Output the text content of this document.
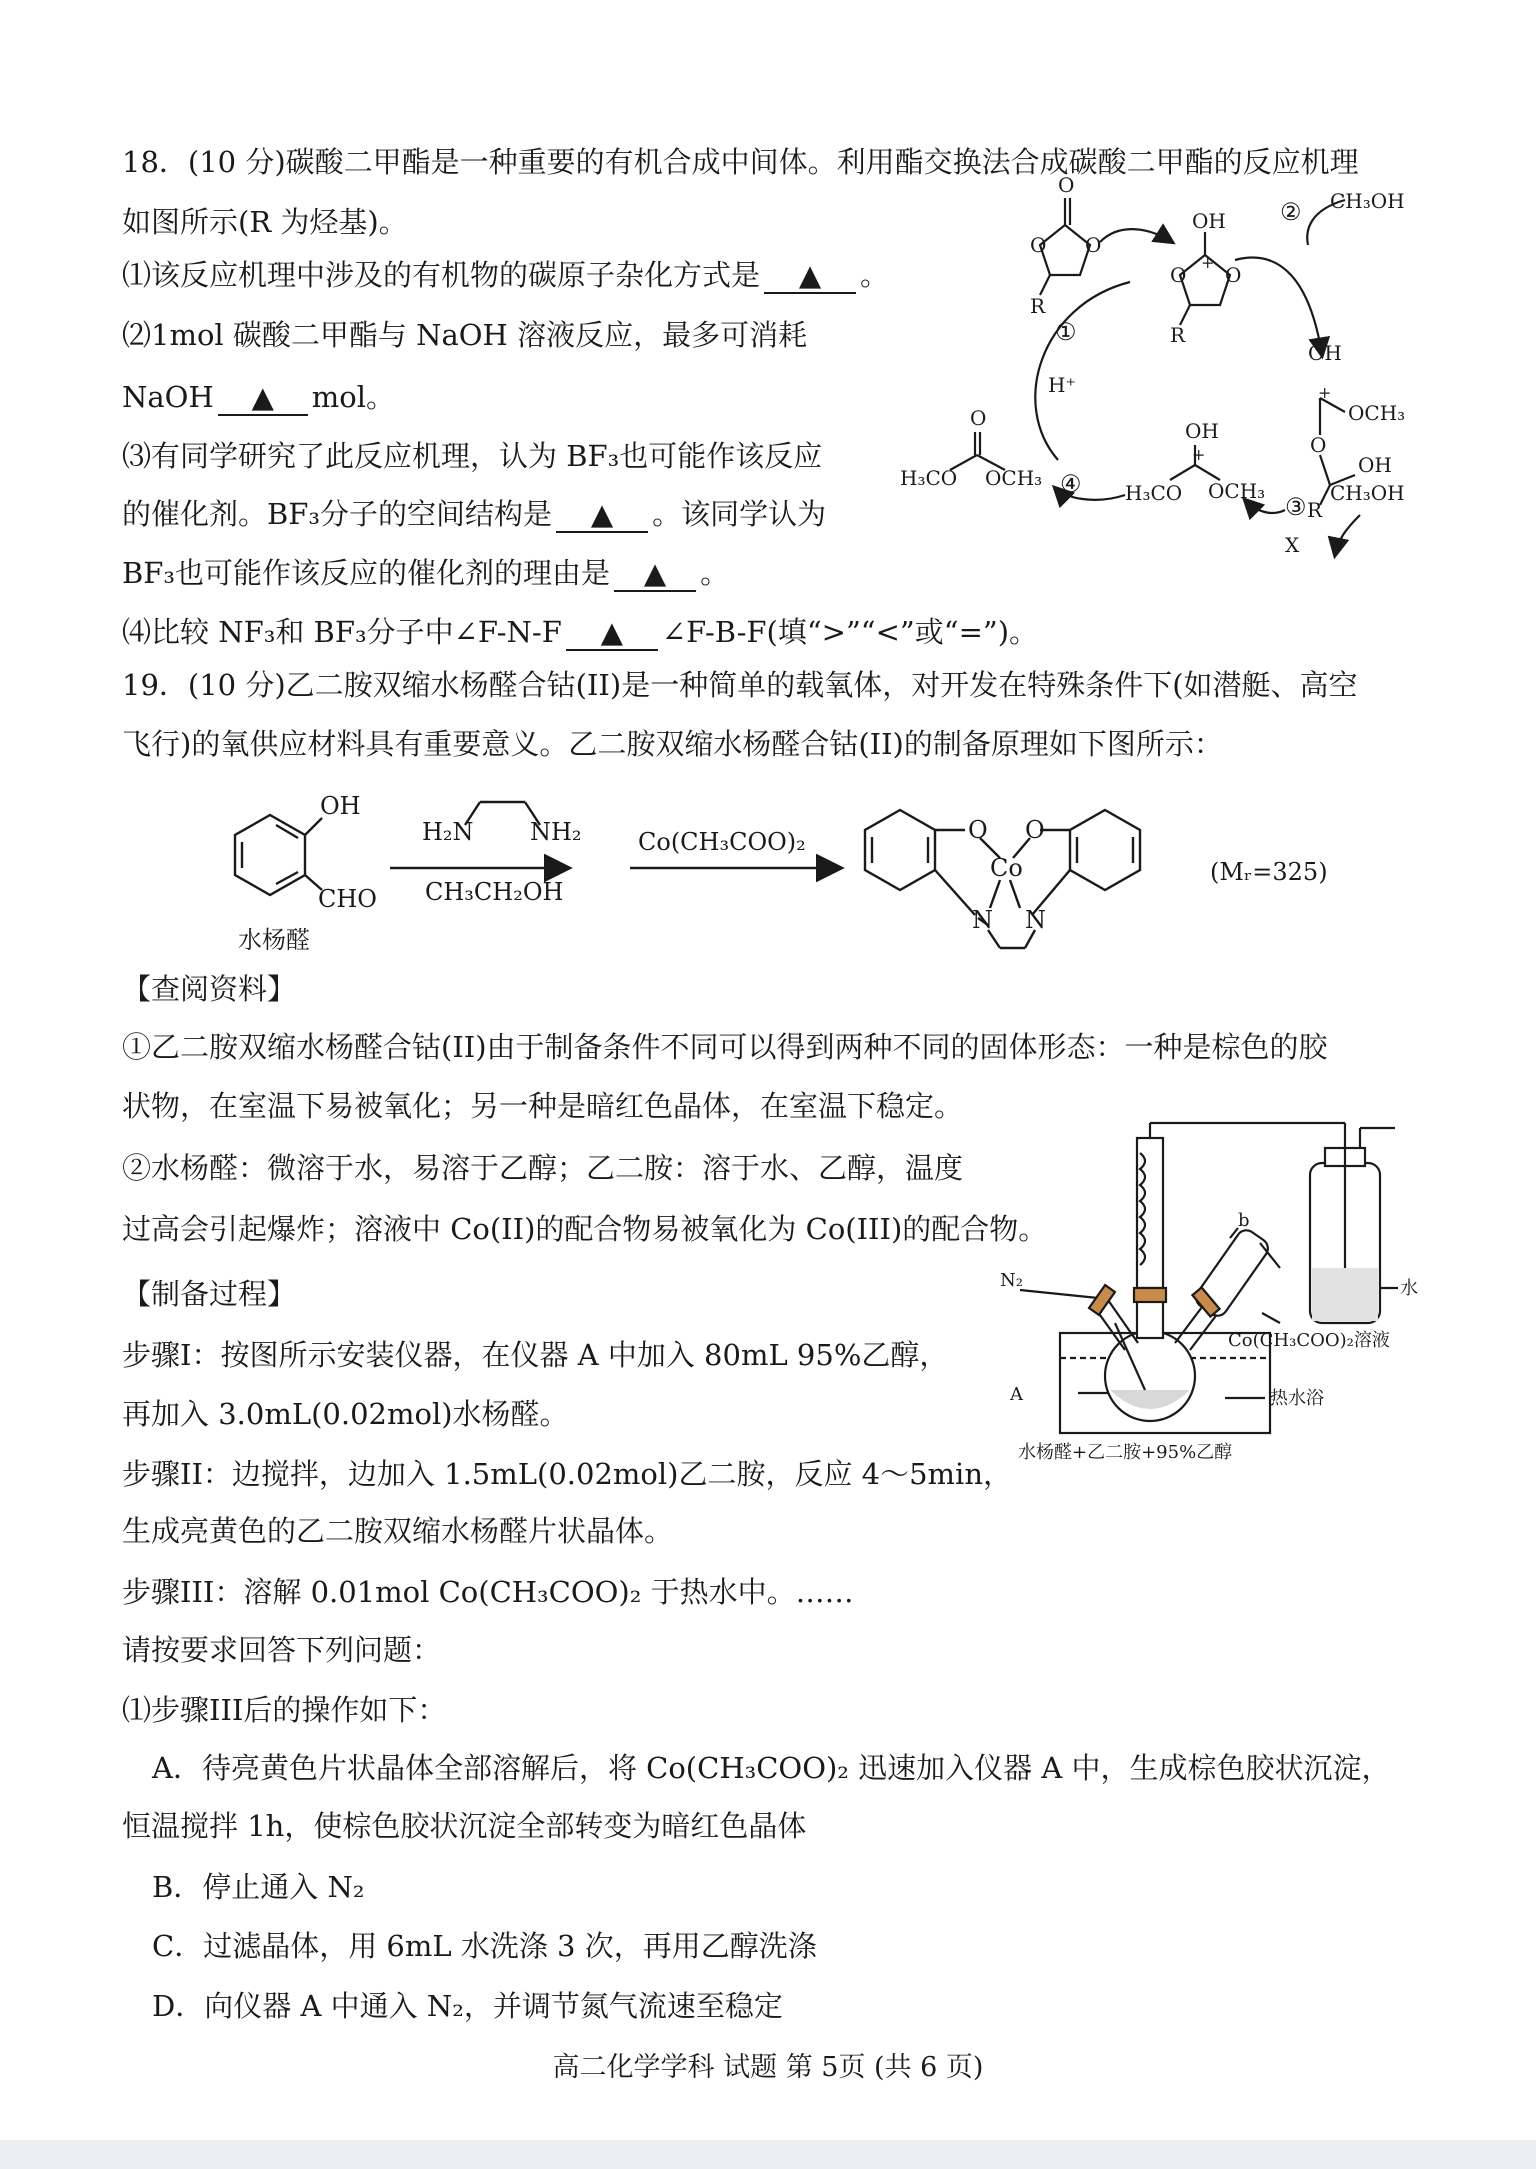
18．(10 分)碳酸二甲酯是一种重要的有机合成中间体。利用酯交换法合成碳酸二甲酯的反应机理
如图所示(R 为烃基)。
⑴该反应机理中涉及的有机物的碳原子杂化方式是 ▲ 。
⑵1mol 碳酸二甲酯与 NaOH 溶液反应，最多可消耗
NaOH ▲ mol。
⑶有同学研究了此反应机理，认为 BF₃也可能作该反应
的催化剂。BF₃分子的空间结构是 ▲ 。该同学认为
BF₃也可能作该反应的催化剂的理由是 ▲ 。
⑷比较 NF₃和 BF₃分子中∠F-N-F ▲ ∠F-B-F(填“>”“<”或“=”)。
O
O O
R
OH
+
O O
R
①
② CH₃OH
H⁺
OH
+
OCH₃
O
OH
R
OH
+
H₃CO OCH₃
O
H₃CO OCH₃ ④
③ CH₃OH
X
19．(10 分)乙二胺双缩水杨醛合钴(II)是一种简单的载氧体，对开发在特殊条件下(如潜艇、高空
飞行)的氧供应材料具有重要意义。乙二胺双缩水杨醛合钴(II)的制备原理如下图所示：
OH
CHO
水杨醛
H₂N NH₂
CH₃CH₂OH
Co(CH₃COO)₂	O O
Co
N N
(Mᵣ=325)
【查阅资料】
①乙二胺双缩水杨醛合钴(II)由于制备条件不同可以得到两种不同的固体形态：一种是棕色的胶
状物，在室温下易被氧化；另一种是暗红色晶体，在室温下稳定。
②水杨醛：微溶于水，易溶于乙醇；乙二胺：溶于水、乙醇，温度
过高会引起爆炸；溶液中 Co(II)的配合物易被氧化为 Co(III)的配合物。
【制备过程】
步骤I：按图所示安装仪器，在仪器 A 中加入 80mL 95%乙醇，
再加入 3.0mL(0.02mol)水杨醛。
步骤II：边搅拌，边加入 1.5mL(0.02mol)乙二胺，反应 4～5min，
生成亮黄色的乙二胺双缩水杨醛片状晶体。
步骤III：溶解 0.01mol Co(CH₃COO)₂ 于热水中。……
请按要求回答下列问题：
⑴步骤III后的操作如下：
A．待亮黄色片状晶体全部溶解后，将 Co(CH₃COO)₂ 迅速加入仪器 A 中，生成棕色胶状沉淀，
恒温搅拌 1h，使棕色胶状沉淀全部转变为暗红色晶体
B．停止通入 N₂
C．过滤晶体，用 6mL 水洗涤 3 次，再用乙醇洗涤
D．向仪器 A 中通入 N₂，并调节氮气流速至稳定
N₂
A
b
水
Co(CH₃COO)₂溶液
热水浴
水杨醛+乙二胺+95%乙醇
高二化学学科 试题 第 5页 (共 6 页)
